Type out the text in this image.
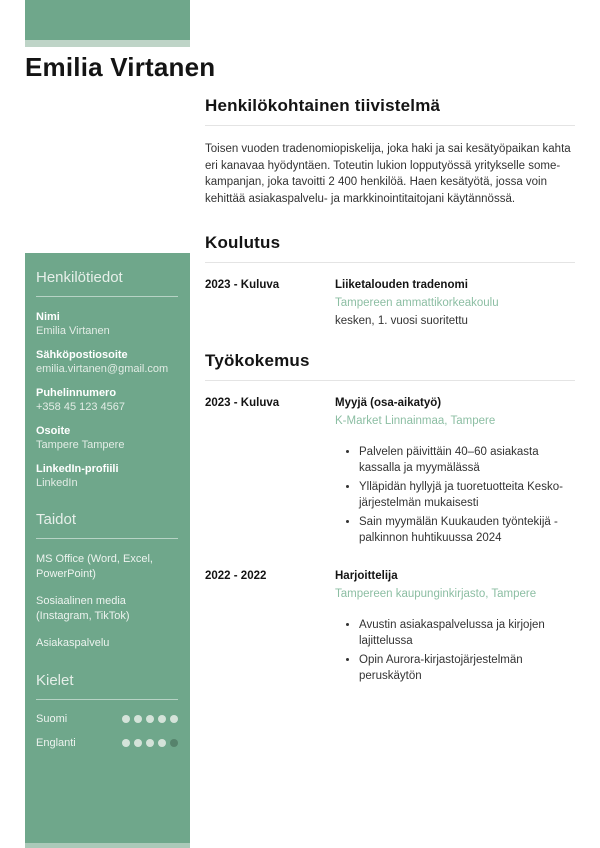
Emilia Virtanen
Henkilötiedot
Nimi
Emilia Virtanen
Sähköpostiosoite
emilia.virtanen@gmail.com
Puhelinnumero
+358 45 123 4567
Osoite
Tampere Tampere
LinkedIn-profiili
LinkedIn
Taidot
MS Office (Word, Excel, PowerPoint)
Sosiaalinen media (Instagram, TikTok)
Asiakaspalvelu
Kielet
Suomi
Englanti
Henkilökohtainen tiivistelmä

Toisen vuoden tradenomiopiskelija, joka haki ja sai kesätyöpaikan kahta eri kanavaa hyödyntäen. Toteutin lukion lopputyössä yritykselle some-kampanjan, joka tavoitti 2 400 henkilöä. Haen kesätyötä, jossa voin kehittää asiakaspalvelu- ja markkinointitaitojani käytännössä.

Koulutus
2023 - Kuluva	Liiketalouden tradenomi
Tampereen ammattikorkeakoulu
kesken, 1. vuosi suoritettu
Työkokemus
2023 - Kuluva	Myyjä (osa-aikatyö)
K-Market Linnainmaa, Tampere
• Palvelen päivittäin 40–60 asiakasta kassalla ja myymälässä
• Ylläpidän hyllyjä ja tuoretuotteita Kesko-järjestelmän mukaisesti
• Sain myymälän Kuukauden työntekijä -palkinnon huhtikuussa 2024
2022 - 2022	Harjoittelija
Tampereen kaupunginkirjasto, Tampere
• Avustin asiakaspalvelussa ja kirjojen lajittelussa
• Opin Aurora-kirjastojärjestelmän peruskäytön
